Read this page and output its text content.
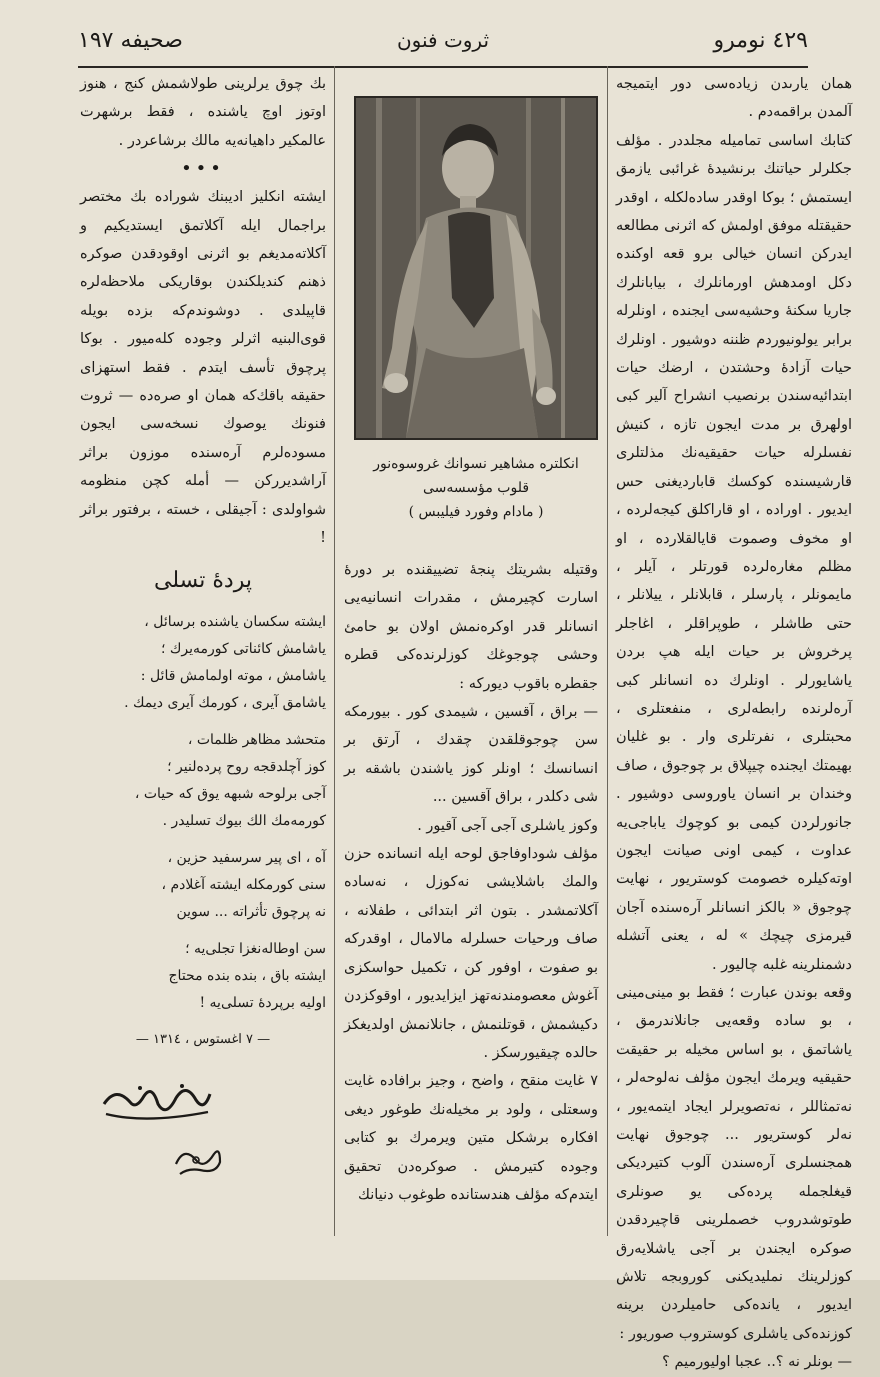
٤٢٩ نومرو
ثروت فنون
صحيفه ١٩٧

همان يارىدن زياده‌سى دور ايتميجه آلمدن براقمه‌دم .

كتابك اساسى تماميله مجلددر . مؤلف جكلرلر حياتنك برنشيدهٔ غرائبى يازمق ايستمش ؛ بوكا اوقدر ساده‌لكله ، اوقدر حقيقتله موفق اولمش كه اثرنى مطالعه ايدركن انسان خيالى برو قعه اوكنده دكل اومدهش اورمانلرك ، بيابانلرك جاريا سكنهٔ وحشيه‌سى ايجنده ، اونلرله برابر يولونيوردم ظننه دوشيور . اونلرك حيات آزادهٔ وحشتدن ، ارضك حيات ابتدائيه‌سندن برنصيب انشراح آلير كبى اولهرق بر مدت ايجون تازه ، كنيش نفسلرله حيات حقيقيه‌نك مذلتلرى قارشيسنده كوكسك قابارديغنى حس ايديور . اوراده ، او قاراكلق كيجه‌لرده ، او مخوف وصموت قايالقلارده ، او مظلم مغاره‌لرده قورتلر ، آيلر ، مايمونلر ، پارسلر ، قابلانلر ، ييلانلر ، حتى طاشلر ، طوپراقلر ، اغاجلر پرخروش بر حيات ايله هپ بردن ياشايورلر . اونلرك ده انسانلر كبى آره‌لرنده رابطه‌لرى ، منفعتلرى ، محبتلرى ، نفرتلرى وار . بو غليان بهيمتك ايجنده چيپلاق بر چوجوق ، صاف وخندان بر انسان ياوروسى دوشيور . جانورلردن كيمى بو كوچوك ياباجى‌يه عداوت ، كيمى اونى صيانت ايجون اوته‌كيلره خصومت كوستريور ، نهايت چوجوق « بالكز انسانلر آره‌سنده آجان قيرمزى چيچك » له ، يعنى آتشله دشمنلرينه غلبه چاليور .

وقعه بوندن عبارت ؛ فقط بو مينى‌مينى ، بو ساده وقعه‌يى جانلاندرمق ، ياشاتمق ، بو اساس مخيله بر حقيقت حقيقيه ويرمك ايجون مؤلف نه‌لوحه‌لر ، نه‌تمثاللر ، نه‌تصويرلر ايجاد ايتمه‌يور ، نه‌لر كوستريور ... چوجوق نهايت همجنسلرى آره‌سندن آلوب كتيرديكى قيغلجمله پرده‌كى يو صونلرى طوتوشدروب خصملرينى قاچيردقدن صوكره ايجندن بر آجى ياشلايه‌رق كوزلرينك نمليديكنى كوروبجه تلاش ايديور ، يانده‌كى حاميلردن برينه كوزنده‌كى ياشلرى كوستروب صوريور :

— بونلر نه ؟.. عجبا اوليورميم ؟

انكلتره مشاهير نسوانك غروسوه‌نور
قلوب مؤسسه‌سى
( مادام وفورد فيليبس )

وقتيله بشريتك پنجهٔ تضييقنده بر دورهٔ اسارت كچيرمش ، مقدرات انسانيه‌يى انسانلر قدر اوكره‌نمش اولان بو حامئ وحشى چوجوغك كوزلرنده‌كى قطره جقطره باقوب ديوركه :

— براق ، آقسين ، شيمدى كور . بيورمكه سن چوجوقلقدن چقدك ، آرتق بر انسانسك ؛ اونلر كوز ياشندن باشقه بر شى دكلدر ، براق آقسين ...

وكوز ياشلرى آجى آجى آقيور .

مؤلف شوداوفاجق لوحه ايله انسانده حزن والمك باشلايشى نه‌كوزل ، نه‌ساده آكلاتمشدر . بتون اثر ابتدائى ، طفلانه ، صاف ورحيات حسلرله مالامال ، اوقدركه بو صفوت ، اوفور كن ، تكميل حواسكزى آغوش معصومندنه‌تهز ايزايديور ، اوقوكزدن دكيشمش ، قوتلنمش ، جانلانمش اولديغكز حالده چيقيورسكز .

۷ غايت منقح ، واضح ، وجيز برافاده غايت وسعتلى ، ولود بر مخيله‌نك طوغور ديغى افكاره برشكل متين ويرمرك بو كتابى وجوده كتيرمش . صوكره‌دن تحقيق ايتدم‌كه مؤلف هندستانده طوغوب دنيانك

بك چوق يرلرينى طولاشمش كنج ، هنوز اوتوز اوچ ياشنده ، فقط برشهرت عالمكير داهيانه‌يه مالك برشاعردر .

•••

ايشته انكليز اديبنك شوراده بك مختصر براجمال ايله آكلاتمق ايستديكيم و آكلاته‌مديغم بو اثرنى اوقودقدن صوكره ذهنم كنديلكندن بوقاريكى ملاحظه‌لره قاپيلدى . دوشوندم‌كه بزده بويله قوى‌البنيه اثرلر وجوده كله‌ميور . بوكا پرچوق تأسف ايتدم . فقط استهزاى حقيقه باقك‌كه همان او صره‌ده — ثروت فنونك يوصوك نسخه‌سى ايجون مسوده‌لرم آره‌سنده موزون براثر آراشديرركن — أمله كچن منظومه شواولدى : آجيقلى ، خسته ، برفتور براثر !

پردهٔ تسلى
ايشته سكسان ياشنده برسائل ،
ياشامش كائناتى كورمه‌يرك ؛
ياشامش ، موته اولمامش قائل :
ياشامق آيرى ، كورمك آيرى ديمك .
متحشد مظاهر ظلمات ،
كوز آچلدقجه روح پرده‌لنير ؛
آجى برلوحه شبهه يوق كه حيات ،
كورمه‌مك الك بيوك تسليدر .
آه ، اى پير سرسفيد حزين ،
سنى كورمكله ايشته آغلادم ،
نه پرچوق تأثراته ... سوين
سن اوطاله‌نغزا تجلى‌يه ؛
ايشته باق ، بنده بنده محتاج
اوليه برپردهٔ تسلى‌يه !
— ۷ اغستوس ، ۱۳۱٤ —
